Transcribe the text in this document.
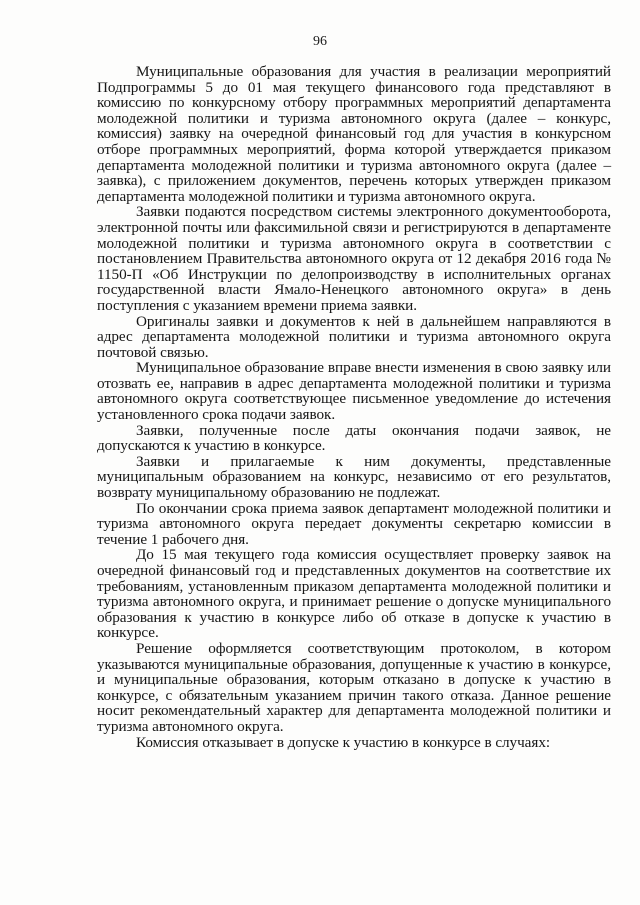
96

Муниципальные образования для участия в реализации мероприятий Подпрограммы 5 до 01 мая текущего финансового года представляют в комиссию по конкурсному отбору программных мероприятий департамента молодежной политики и туризма автономного округа (далее – конкурс, комиссия) заявку на очередной финансовый год для участия в конкурсном отборе программных мероприятий, форма которой утверждается приказом департамента молодежной политики и туризма автономного округа (далее – заявка), с приложением документов, перечень которых утвержден приказом департамента молодежной политики и туризма автономного округа.

Заявки подаются посредством системы электронного документооборота, электронной почты или факсимильной связи и регистрируются в департаменте молодежной политики и туризма автономного округа в соответствии с постановлением Правительства автономного округа от 12 декабря 2016 года № 1150-П «Об Инструкции по делопроизводству в исполнительных органах государственной власти Ямало-Ненецкого автономного округа» в день поступления с указанием времени приема заявки.

Оригиналы заявки и документов к ней в дальнейшем направляются в адрес департамента молодежной политики и туризма автономного округа почтовой связью.

Муниципальное образование вправе внести изменения в свою заявку или отозвать ее, направив в адрес департамента молодежной политики и туризма автономного округа соответствующее письменное уведомление до истечения установленного срока подачи заявок.

Заявки, полученные после даты окончания подачи заявок, не допускаются к участию в конкурсе.

Заявки и прилагаемые к ним документы, представленные муниципальным образованием на конкурс, независимо от его результатов, возврату муниципальному образованию не подлежат.

По окончании срока приема заявок департамент молодежной политики и туризма автономного округа передает документы секретарю комиссии в течение 1 рабочего дня.

До 15 мая текущего года комиссия осуществляет проверку заявок на очередной финансовый год и представленных документов на соответствие их требованиям, установленным приказом департамента молодежной политики и туризма автономного округа, и принимает решение о допуске муниципального образования к участию в конкурсе либо об отказе в допуске к участию в конкурсе.

Решение оформляется соответствующим протоколом, в котором указываются муниципальные образования, допущенные к участию в конкурсе, и муниципальные образования, которым отказано в допуске к участию в конкурсе, с обязательным указанием причин такого отказа. Данное решение носит рекомендательный характер для департамента молодежной политики и туризма автономного округа.

Комиссия отказывает в допуске к участию в конкурсе в случаях:
